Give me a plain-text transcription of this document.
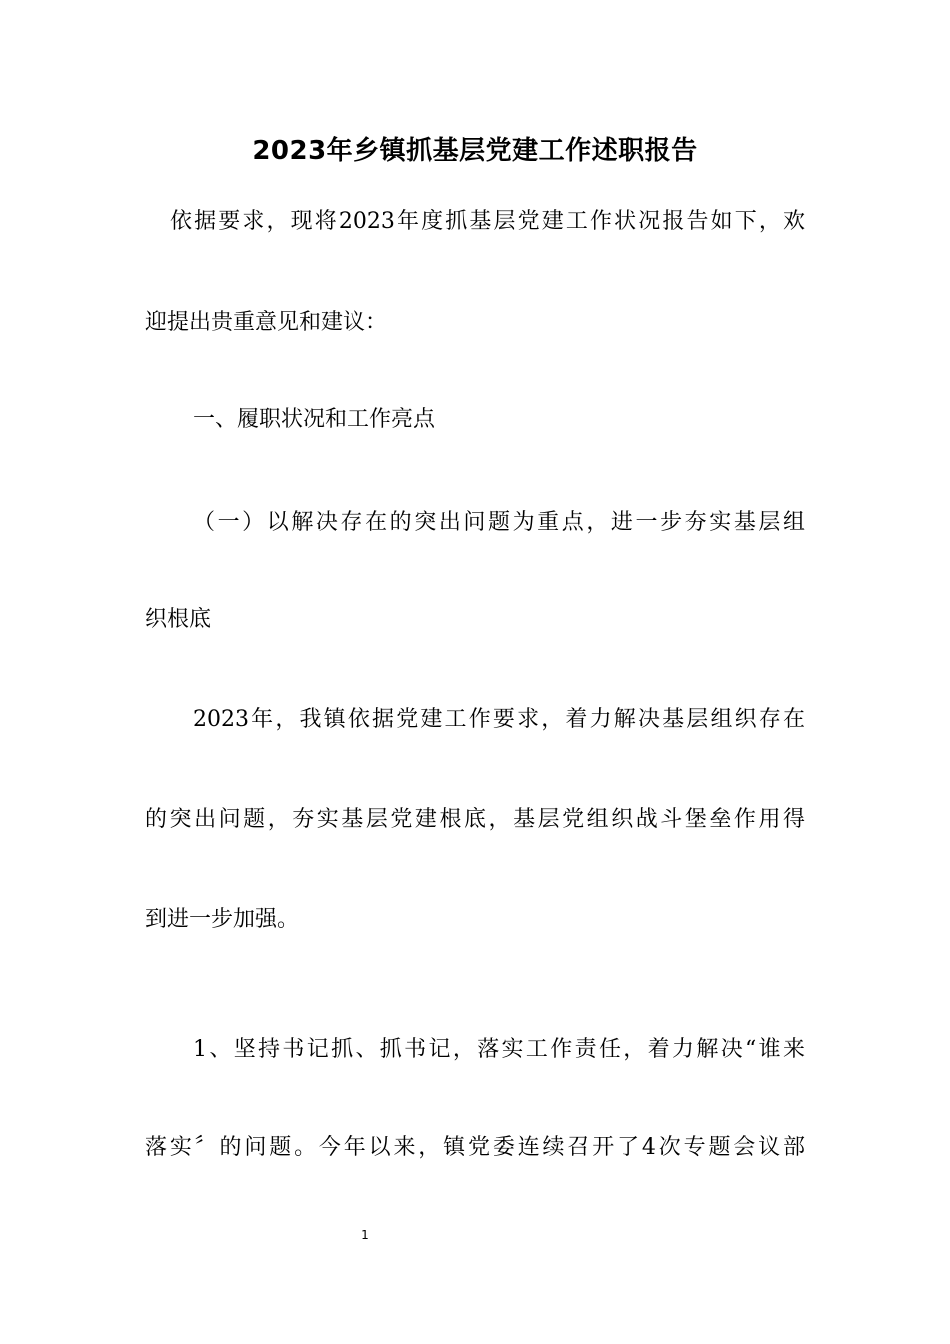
2023年乡镇抓基层党建工作述职报告

依据要求，现将2023年度抓基层党建工作状况报告如下，欢

迎提出贵重意见和建议：

一、履职状况和工作亮点

（一）以解决存在的突出问题为重点，进一步夯实基层组

织根底

2023年，我镇依据党建工作要求，着力解决基层组织存在

的突出问题，夯实基层党建根底，基层党组织战斗堡垒作用得

到进一步加强。

1、坚持书记抓、抓书记，落实工作责任，着力解决“谁来

落实〞的问题。今年以来，镇党委连续召开了4次专题会议部

1
